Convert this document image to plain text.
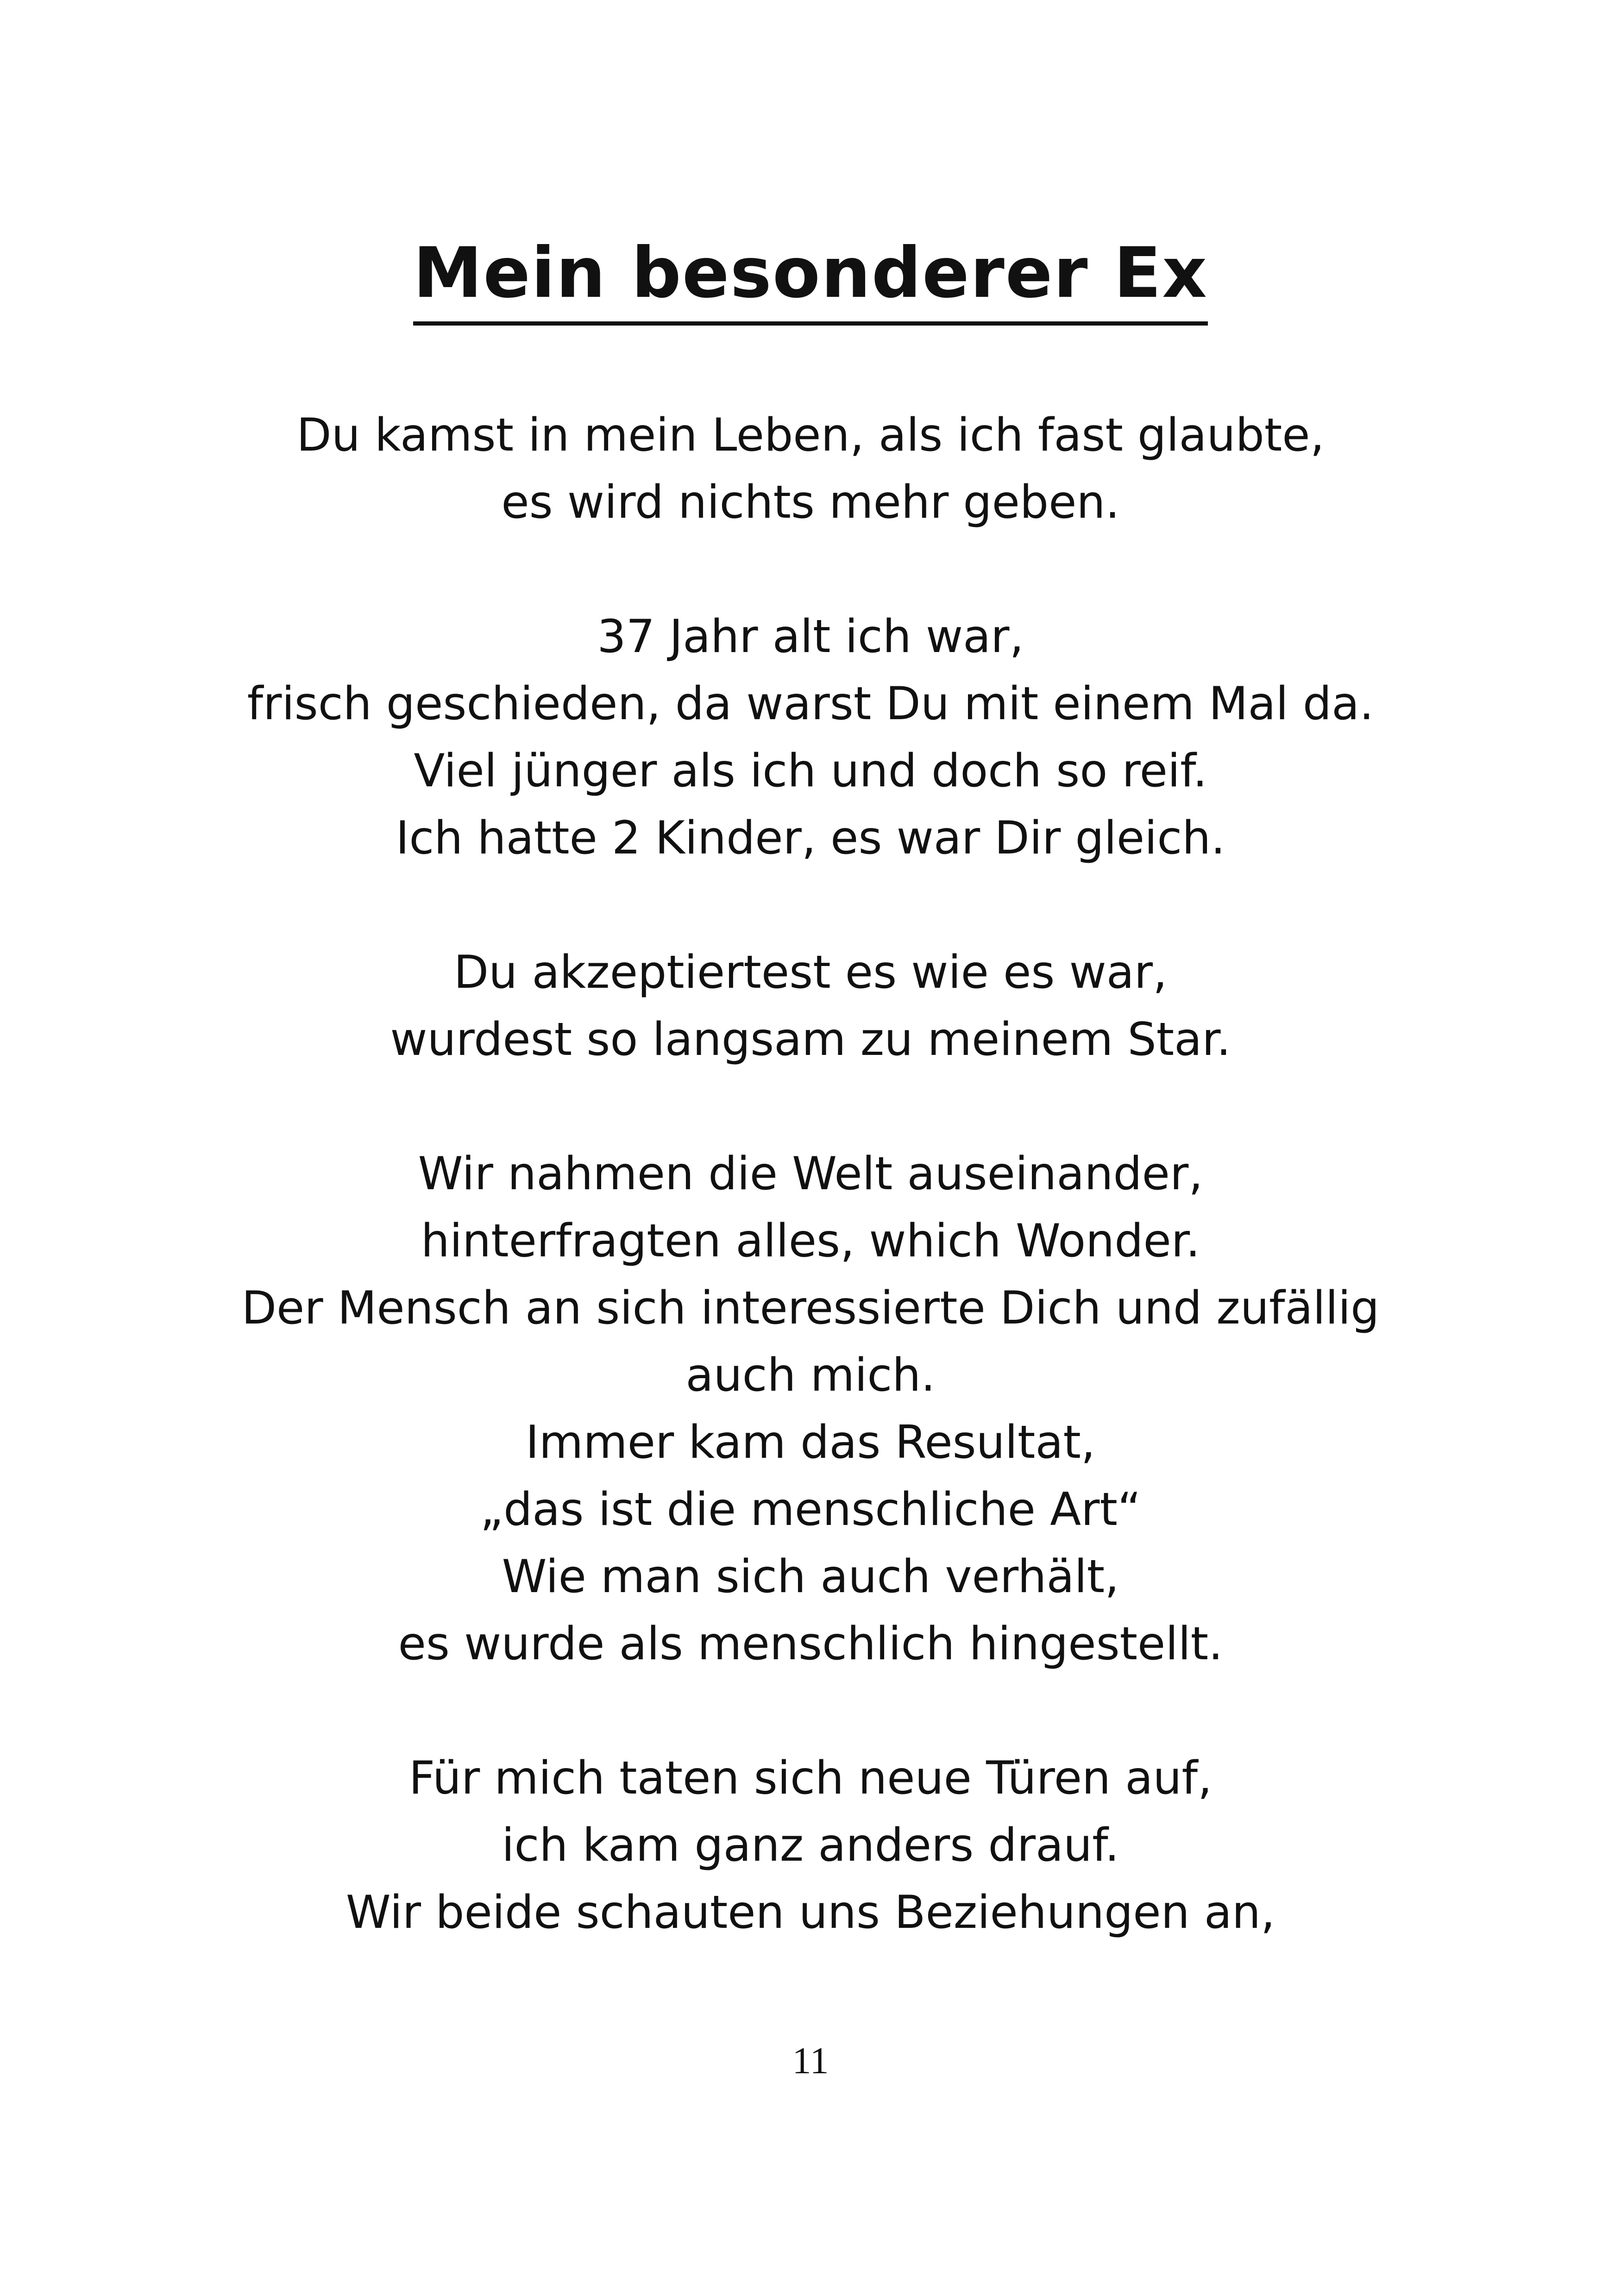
Mein besonderer Ex
Du kamst in mein Leben, als ich fast glaubte,
es wird nichts mehr geben.
37 Jahr alt ich war,
frisch geschieden, da warst Du mit einem Mal da.
Viel jünger als ich und doch so reif.
Ich hatte 2 Kinder, es war Dir gleich.
Du akzeptiertest es wie es war,
wurdest so langsam zu meinem Star.
Wir nahmen die Welt auseinander,
hinterfragten alles, which Wonder.
Der Mensch an sich interessierte Dich und zufällig
auch mich.
Immer kam das Resultat,
„das ist die menschliche Art“
Wie man sich auch verhält,
es wurde als menschlich hingestellt.
Für mich taten sich neue Türen auf,
ich kam ganz anders drauf.
Wir beide schauten uns Beziehungen an,
11
